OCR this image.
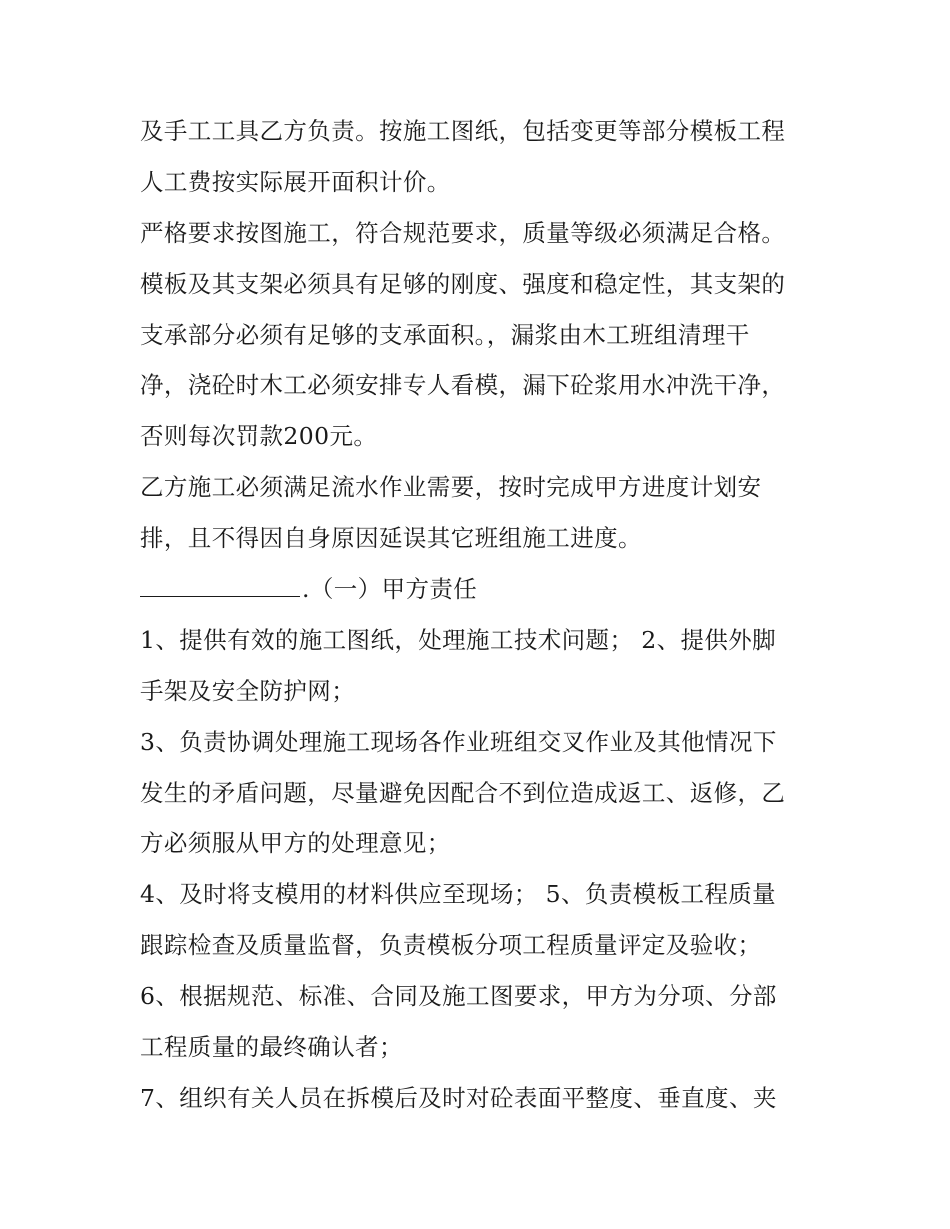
及手工工具乙方负责。按施工图纸，包括变更等部分模板工程
人工费按实际展开面积计价。
严格要求按图施工，符合规范要求，质量等级必须满足合格。
模板及其支架必须具有足够的刚度、强度和稳定性，其支架的
支承部分必须有足够的支承面积。，漏浆由木工班组清理干
净，浇砼时木工必须安排专人看模，漏下砼浆用水冲洗干净，
否则每次罚款200元。
乙方施工必须满足流水作业需要，按时完成甲方进度计划安
排，且不得因自身原因延误其它班组施工进度。
.（一）甲方责任
1、提供有效的施工图纸，处理施工技术问题； 2、提供外脚
手架及安全防护网；
3、负责协调处理施工现场各作业班组交叉作业及其他情况下
发生的矛盾问题，尽量避免因配合不到位造成返工、返修，乙
方必须服从甲方的处理意见；
4、及时将支模用的材料供应至现场； 5、负责模板工程质量
跟踪检查及质量监督，负责模板分项工程质量评定及验收；
6、根据规范、标准、合同及施工图要求，甲方为分项、分部
工程质量的最终确认者；
7、组织有关人员在拆模后及时对砼表面平整度、垂直度、夹
